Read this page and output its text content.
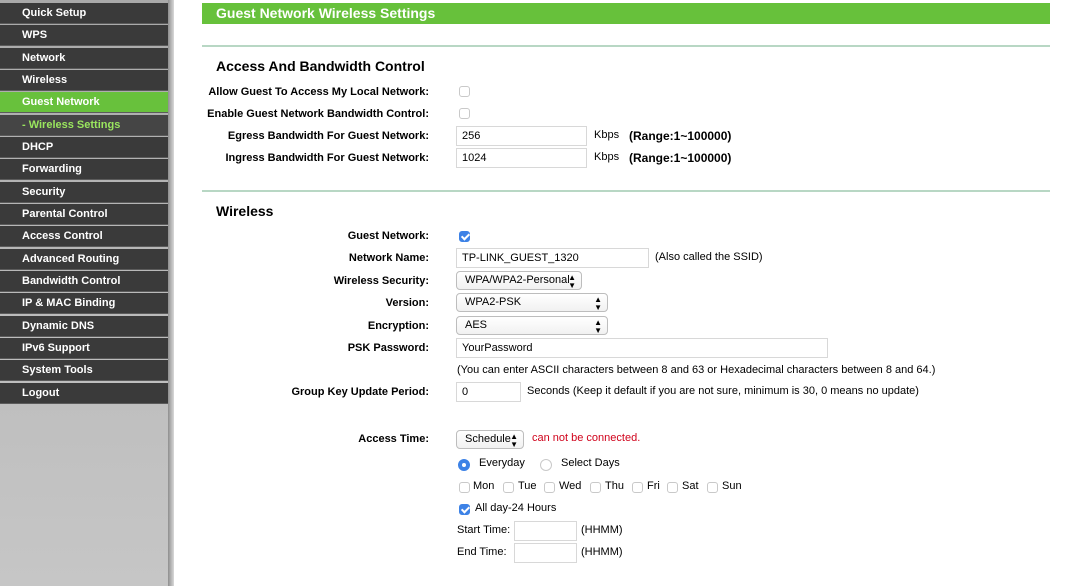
Quick Setup
WPS
Network
Wireless
Guest Network
- Wireless Settings
DHCP
Forwarding
Security
Parental Control
Access Control
Advanced Routing
Bandwidth Control
IP & MAC Binding
Dynamic DNS
IPv6 Support
System Tools
Logout
Guest Network Wireless Settings
Access And Bandwidth Control
Allow Guest To Access My Local Network:
Enable Guest Network Bandwidth Control:
Egress Bandwidth For Guest Network:	256	Kbps (Range:1~100000)
Ingress Bandwidth For Guest Network:	1024	Kbps (Range:1~100000)
Wireless
Guest Network:
Network Name:	TP-LINK_GUEST_1320	(Also called the SSID)
Wireless Security:	WPA/WPA2-Personal
▲
▼
Version:	WPA2-PSK	▲
▼
Encryption:	AES	▲
▼
PSK Password:	YourPassword
(You can enter ASCII characters between 8 and 63 or Hexadecimal characters between 8 and 64.)
Group Key Update Period:	0	Seconds (Keep it default if you are not sure, minimum is 30, 0 means no update)
Access Time:	Schedule ▲
▼
can not be connected.
Everyday	Select Days
Mon Tue Wed Thu Fri Sat Sun
All day-24 Hours
Start Time:	(HHMM)
End Time:	(HHMM)
